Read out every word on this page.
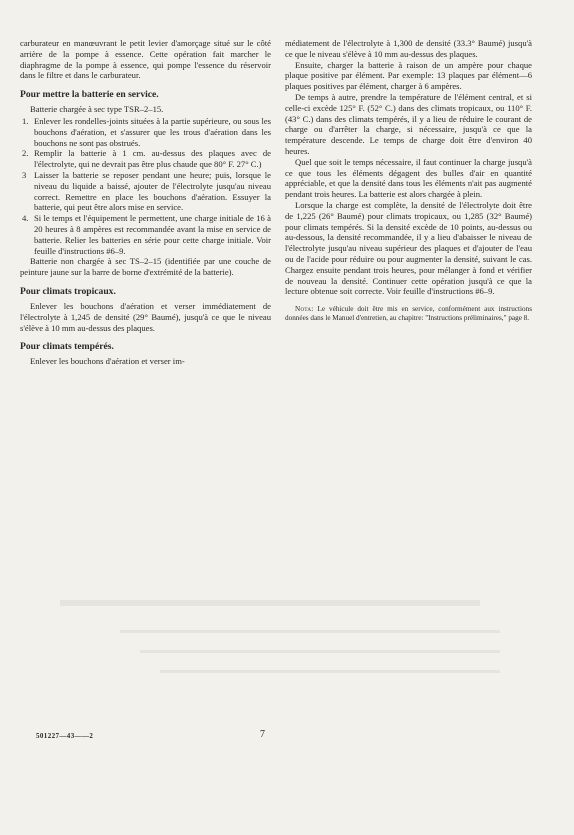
carburateur en manœuvrant le petit levier d'amorçage situé sur le côté arrière de la pompe à essence. Cette opération fait marcher le diaphragme de la pompe à essence, qui pompe l'essence du réservoir dans le filtre et dans le carburateur.

Pour mettre la batterie en service.

Batterie chargée à sec type TSR–2–15.

1. Enlever les rondelles-joints situées à la partie supérieure, ou sous les bouchons d'aération, et s'assurer que les trous d'aération dans les bouchons ne sont pas obstrués.
2. Remplir la batterie à 1 cm. au-dessus des plaques avec de l'électrolyte, qui ne devrait pas être plus chaude que 80° F. 27° C.)
3 Laisser la batterie se reposer pendant une heure; puis, lorsque le niveau du liquide a baissé, ajouter de l'électrolyte jusqu'au niveau correct. Remettre en place les bouchons d'aération. Essuyer la batterie, qui peut être alors mise en service.
4. Si le temps et l'équipement le permettent, une charge initiale de 16 à 20 heures à 8 ampères est recommandée avant la mise en service de batterie. Relier les batteries en série pour cette charge initiale. Voir feuille d'instructions #6–9.

Batterie non chargée à sec TS–2–15 (identifiée par une couche de peinture jaune sur la barre de borne d'extrémité de la batterie).

Pour climats tropicaux.

Enlever les bouchons d'aération et verser immédiatement de l'électrolyte à 1,245 de densité (29° Baumé), jusqu'à ce que le niveau s'élève à 10 mm au-dessus des plaques.

Pour climats tempérés.

Enlever les bouchons d'aération et verser im-

médiatement de l'électrolyte à 1,300 de densité (33.3° Baumé) jusqu'à ce que le niveau s'élève à 10 mm au-dessus des plaques.

Ensuite, charger la batterie à raison de un ampère pour chaque plaque positive par élément. Par exemple: 13 plaques par élément—6 plaques positives par élément, charger à 6 ampères.

De temps à autre, prendre la température de l'élément central, et si celle-ci excède 125° F. (52° C.) dans des climats tropicaux, ou 110° F. (43° C.) dans des climats tempérés, il y a lieu de réduire le courant de charge ou d'arrêter la charge, si nécessaire, jusqu'à ce que la température descende. Le temps de charge doit être d'environ 40 heures.

Quel que soit le temps nécessaire, il faut continuer la charge jusqu'à ce que tous les éléments dégagent des bulles d'air en quantité appréciable, et que la densité dans tous les éléments n'ait pas augmenté pendant trois heures. La batterie est alors chargée à plein.

Lorsque la charge est complète, la densité de l'électrolyte doit être de 1,225 (26° Baumé) pour climats tropicaux, ou 1,285 (32° Baumé) pour climats tempérés. Si la densité excède de 10 points, au-dessus ou au-dessous, la densité recommandée, il y a lieu d'abaisser le niveau de l'électrolyte jusqu'au niveau supérieur des plaques et d'ajouter de l'eau ou de l'acide pour réduire ou pour augmenter la densité, suivant le cas. Chargez ensuite pendant trois heures, pour mélanger à fond et vérifier de nouveau la densité. Continuer cette opération jusqu'à ce que la lecture obtenue soit correcte. Voir feuille d'instructions #6–9.

Nota: Le véhicule doit être mis en service, conformément aux instructions données dans le Manuel d'entretien, au chapitre: "Instructions préliminaires," page 8.

501227—43——2	7
